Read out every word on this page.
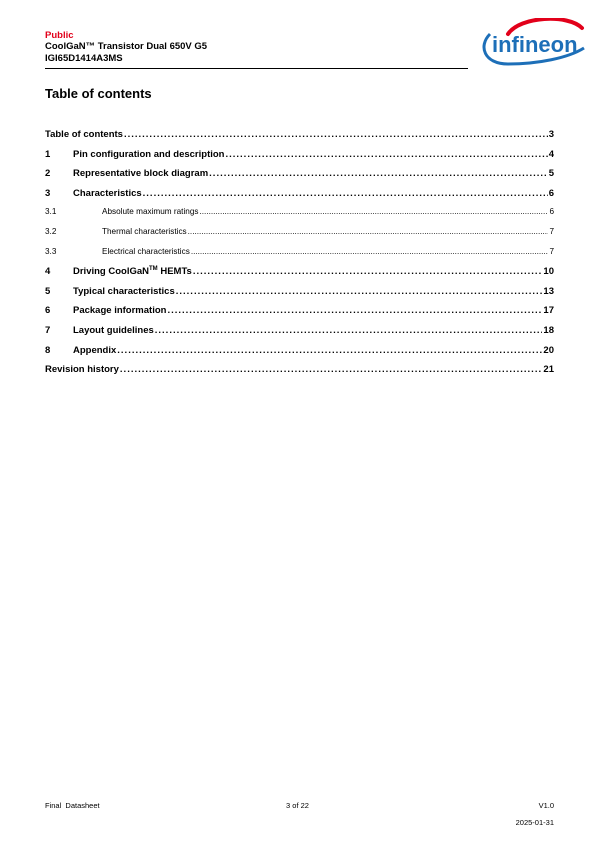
Public
CoolGaN™ Transistor Dual 650V G5
IGI65D1414A3MS
infineon
Table of contents
Table of contents .....	3
1	Pin configuration and description .....	4
2	Representative block diagram .....	5
3	Characteristics .....	6
3.1	Absolute maximum ratings .....	6
3.2	Thermal characteristics .....	7
3.3	Electrical characteristics .....	7
4	Driving CoolGaN™ HEMTs .....	10
5	Typical characteristics .....	13
6	Package information .....	17
7	Layout guidelines .....	18
8	Appendix .....	20
Revision history .....	21
Final  Datasheet	3 of 22	V1.0
2025-01-31
